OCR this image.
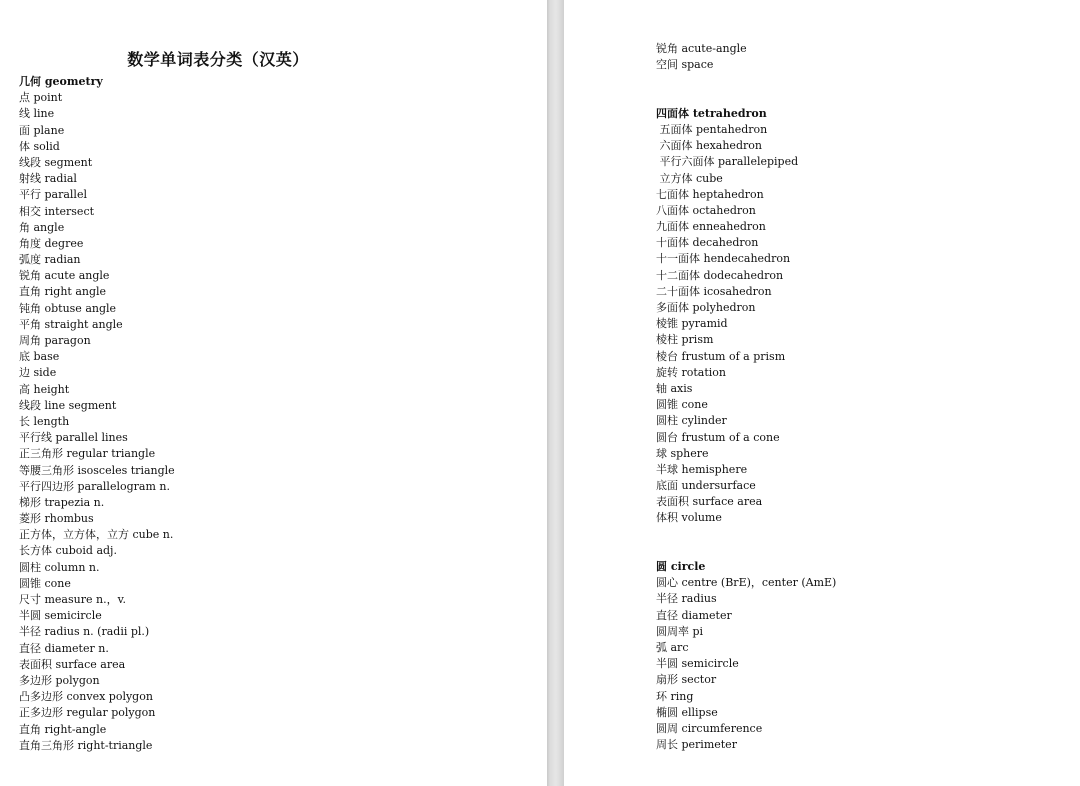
数学单词表分类（汉英）
几何 geometry
点 point
线 line
面 plane
体 solid
线段 segment
射线 radial
平行 parallel
相交 intersect
角 angle
角度 degree
弧度 radian
锐角 acute angle
直角 right angle
钝角 obtuse angle
平角 straight angle
周角 paragon
底 base
边 side
高 height
线段 line segment
长 length
平行线 parallel lines
正三角形 regular triangle
等腰三角形 isosceles triangle
平行四边形 parallelogram n.
梯形 trapezia n.
菱形 rhombus
正方体，立方体，立方 cube n.
长方体 cuboid adj.
圆柱 column n.
圆锥 cone
尺寸 measure n.，v.
半圆 semicircle
半径 radius n. (radii pl.)
直径 diameter n.
表面积 surface area
多边形 polygon
凸多边形 convex polygon
正多边形 regular polygon
直角 right-angle
直角三角形 right-triangle
锐角 acute-angle
空间 space
四面体 tetrahedron
五面体 pentahedron
六面体 hexahedron
平行六面体 parallelepiped
立方体 cube
七面体 heptahedron
八面体 octahedron
九面体 enneahedron
十面体 decahedron
十一面体 hendecahedron
十二面体 dodecahedron
二十面体 icosahedron
多面体 polyhedron
棱锥 pyramid
棱柱 prism
棱台 frustum of a prism
旋转 rotation
轴 axis
圆锥 cone
圆柱 cylinder
圆台 frustum of a cone
球 sphere
半球 hemisphere
底面 undersurface
表面积 surface area
体积 volume
圆 circle
圆心 centre (BrE)，center (AmE)
半径 radius
直径 diameter
圆周率 pi
弧 arc
半圆 semicircle
扇形 sector
环 ring
椭圆 ellipse
圆周 circumference
周长 perimeter
